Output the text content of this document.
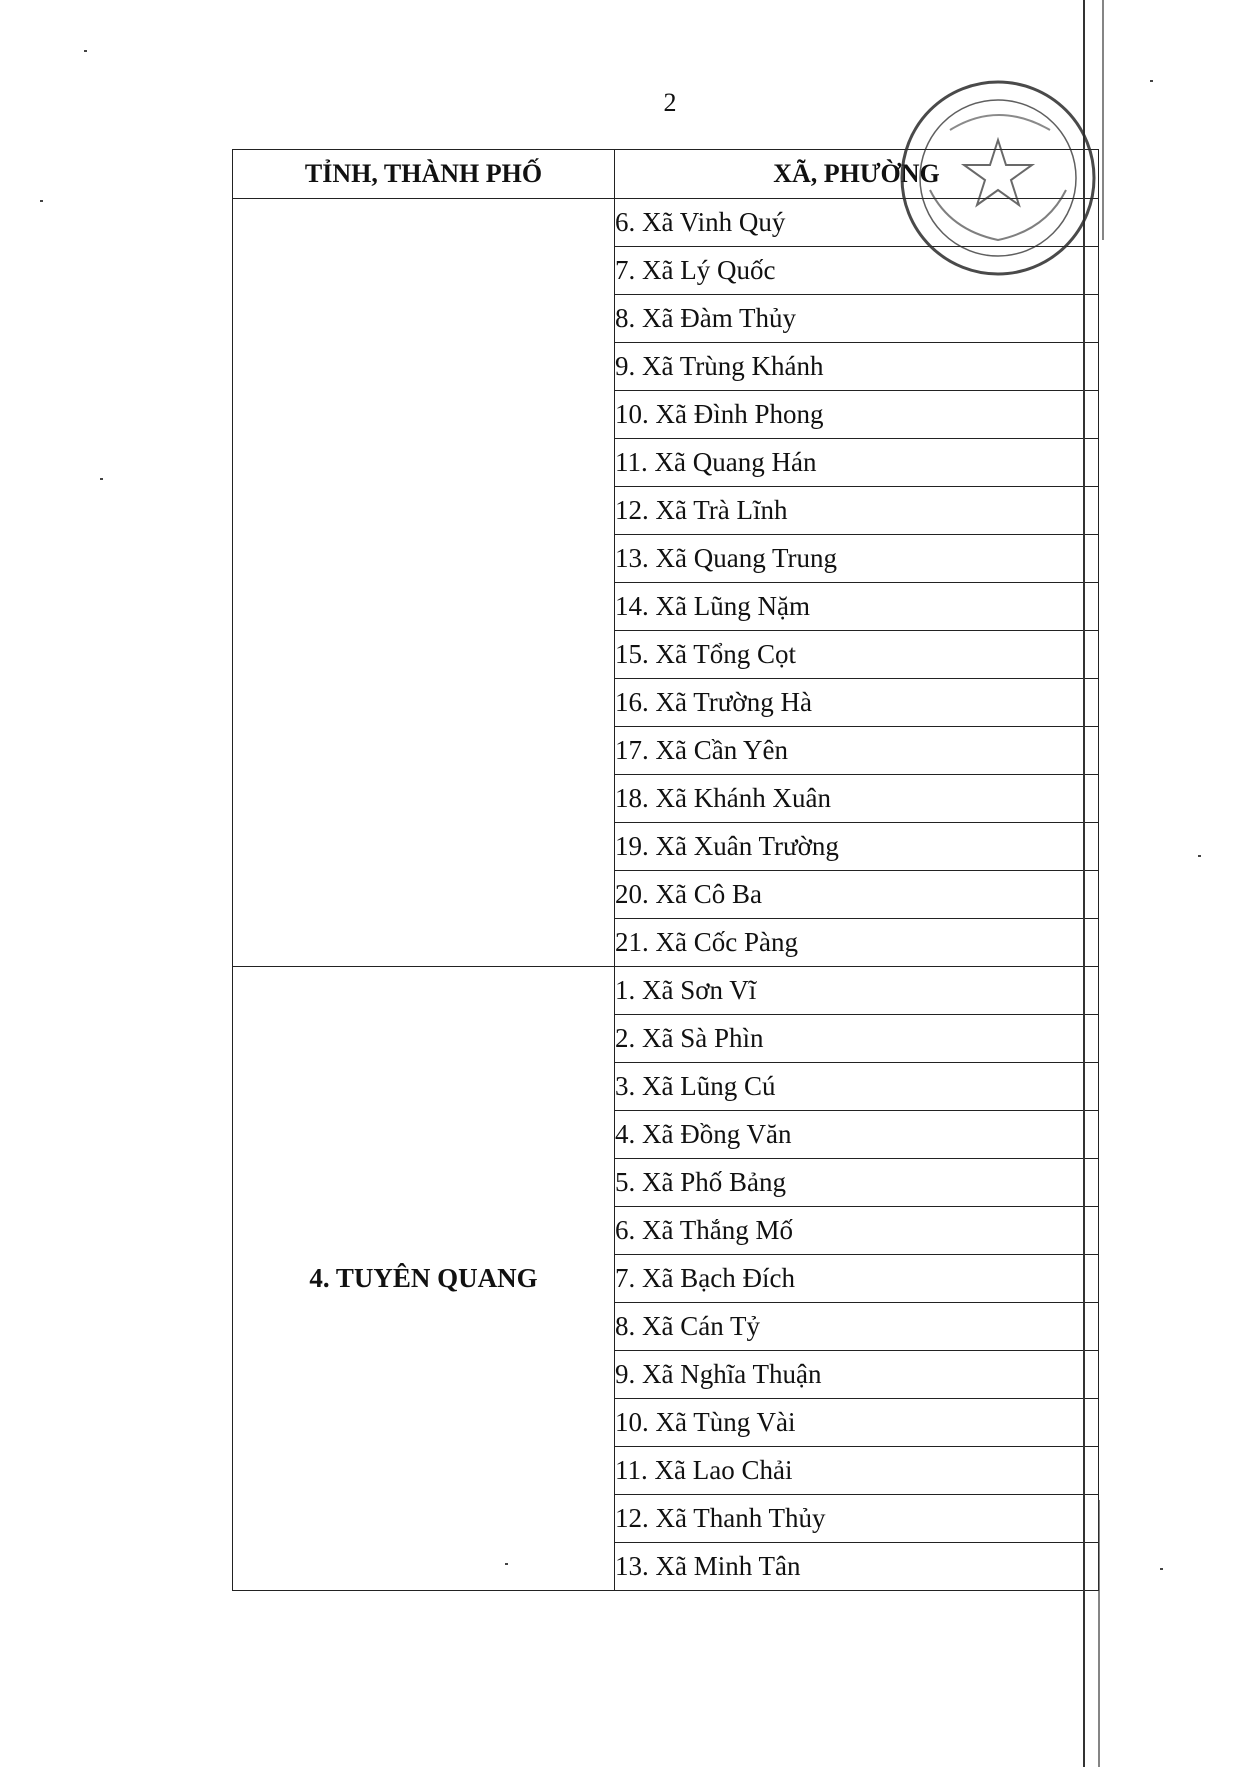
2
TỈNH, THÀNH PHỐ	XÃ, PHƯỜNG
	6. Xã Vinh Quý
	7. Xã Lý Quốc
	8. Xã Đàm Thủy
	9. Xã Trùng Khánh
	10. Xã Đình Phong
	11. Xã Quang Hán
	12. Xã Trà Lĩnh
	13. Xã Quang Trung
	14. Xã Lũng Nặm
	15. Xã Tổng Cọt
	16. Xã Trường Hà
	17. Xã Cần Yên
	18. Xã Khánh Xuân
	19. Xã Xuân Trường
	20. Xã Cô Ba
	21. Xã Cốc Pàng
4. TUYÊN QUANG	1. Xã Sơn Vĩ
	2. Xã Sà Phìn
	3. Xã Lũng Cú
	4. Xã Đồng Văn
	5. Xã Phố Bảng
	6. Xã Thắng Mố
	7. Xã Bạch Đích
	8. Xã Cán Tỷ
	9. Xã Nghĩa Thuận
	10. Xã Tùng Vài
	11. Xã Lao Chải
	12. Xã Thanh Thủy
	13. Xã Minh Tân
